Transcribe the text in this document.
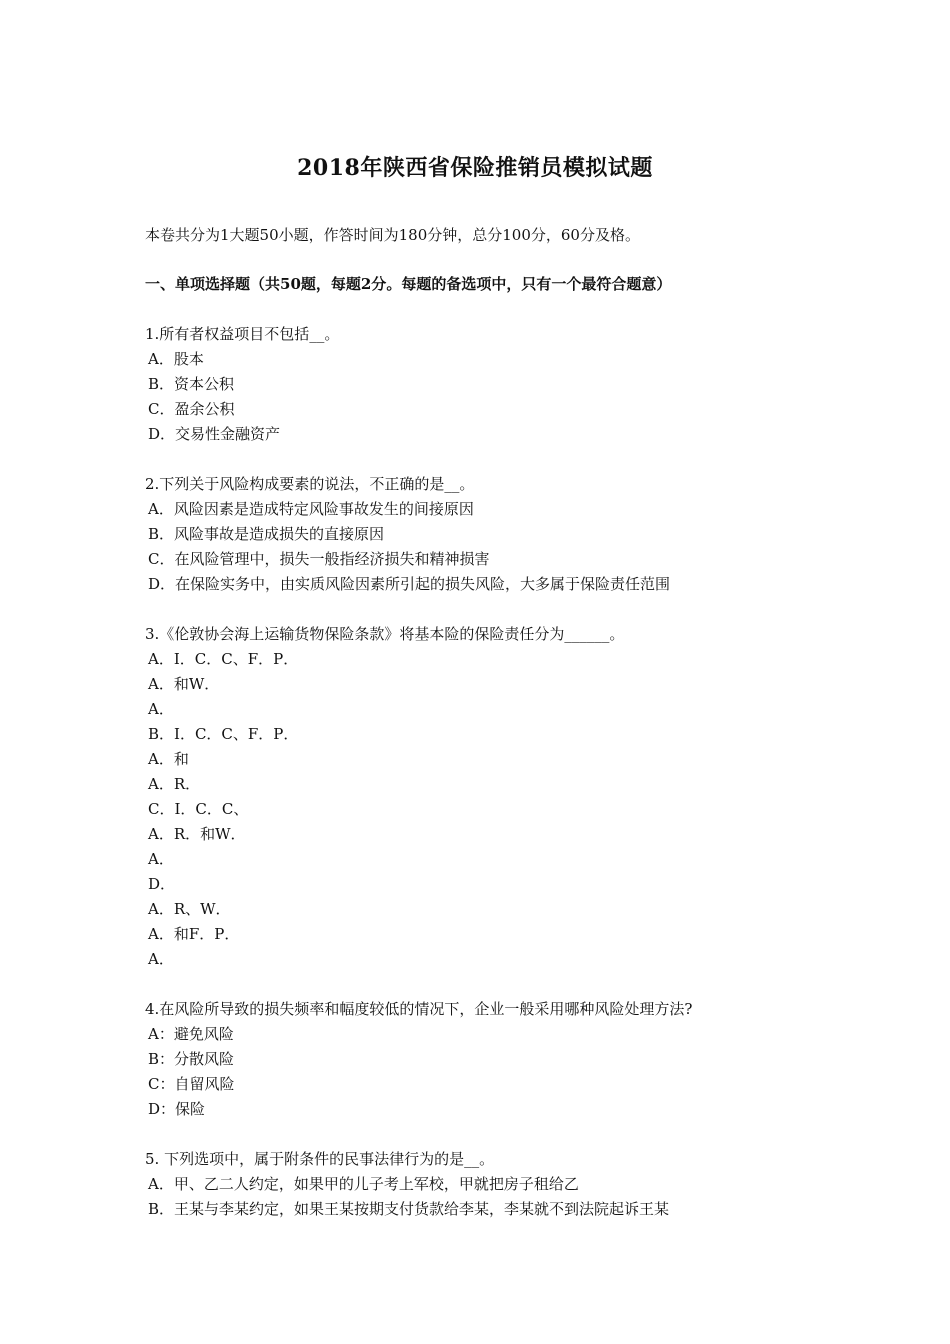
2018年陕西省保险推销员模拟试题
本卷共分为1大题50小题，作答时间为180分钟，总分100分，60分及格。
一、单项选择题（共50题，每题2分。每题的备选项中，只有一个最符合题意）
1.所有者权益项目不包括__。
A．股本
B．资本公积
C．盈余公积
D．交易性金融资产
2.下列关于风险构成要素的说法，不正确的是__。
A．风险因素是造成特定风险事故发生的间接原因
B．风险事故是造成损失的直接原因
C．在风险管理中，损失一般指经济损失和精神损害
D．在保险实务中，由实质风险因素所引起的损失风险，大多属于保险责任范围
3.《伦敦协会海上运输货物保险条款》将基本险的保险责任分为______。
A．I．C．C、F．P．
A．和W．
A．
B．I．C．C、F．P．
A．和
A．R．
C．I．C．C、
A．R．和W．
A．
D．
A．R、W．
A．和F．P．
A．
4.在风险所导致的损失频率和幅度较低的情况下，企业一般采用哪种风险处理方法?
A：避免风险
B：分散风险
C：自留风险
D：保险
5. 下列选项中，属于附条件的民事法律行为的是__。
A．甲、乙二人约定，如果甲的儿子考上军校，甲就把房子租给乙
B．王某与李某约定，如果王某按期支付货款给李某，李某就不到法院起诉王某
